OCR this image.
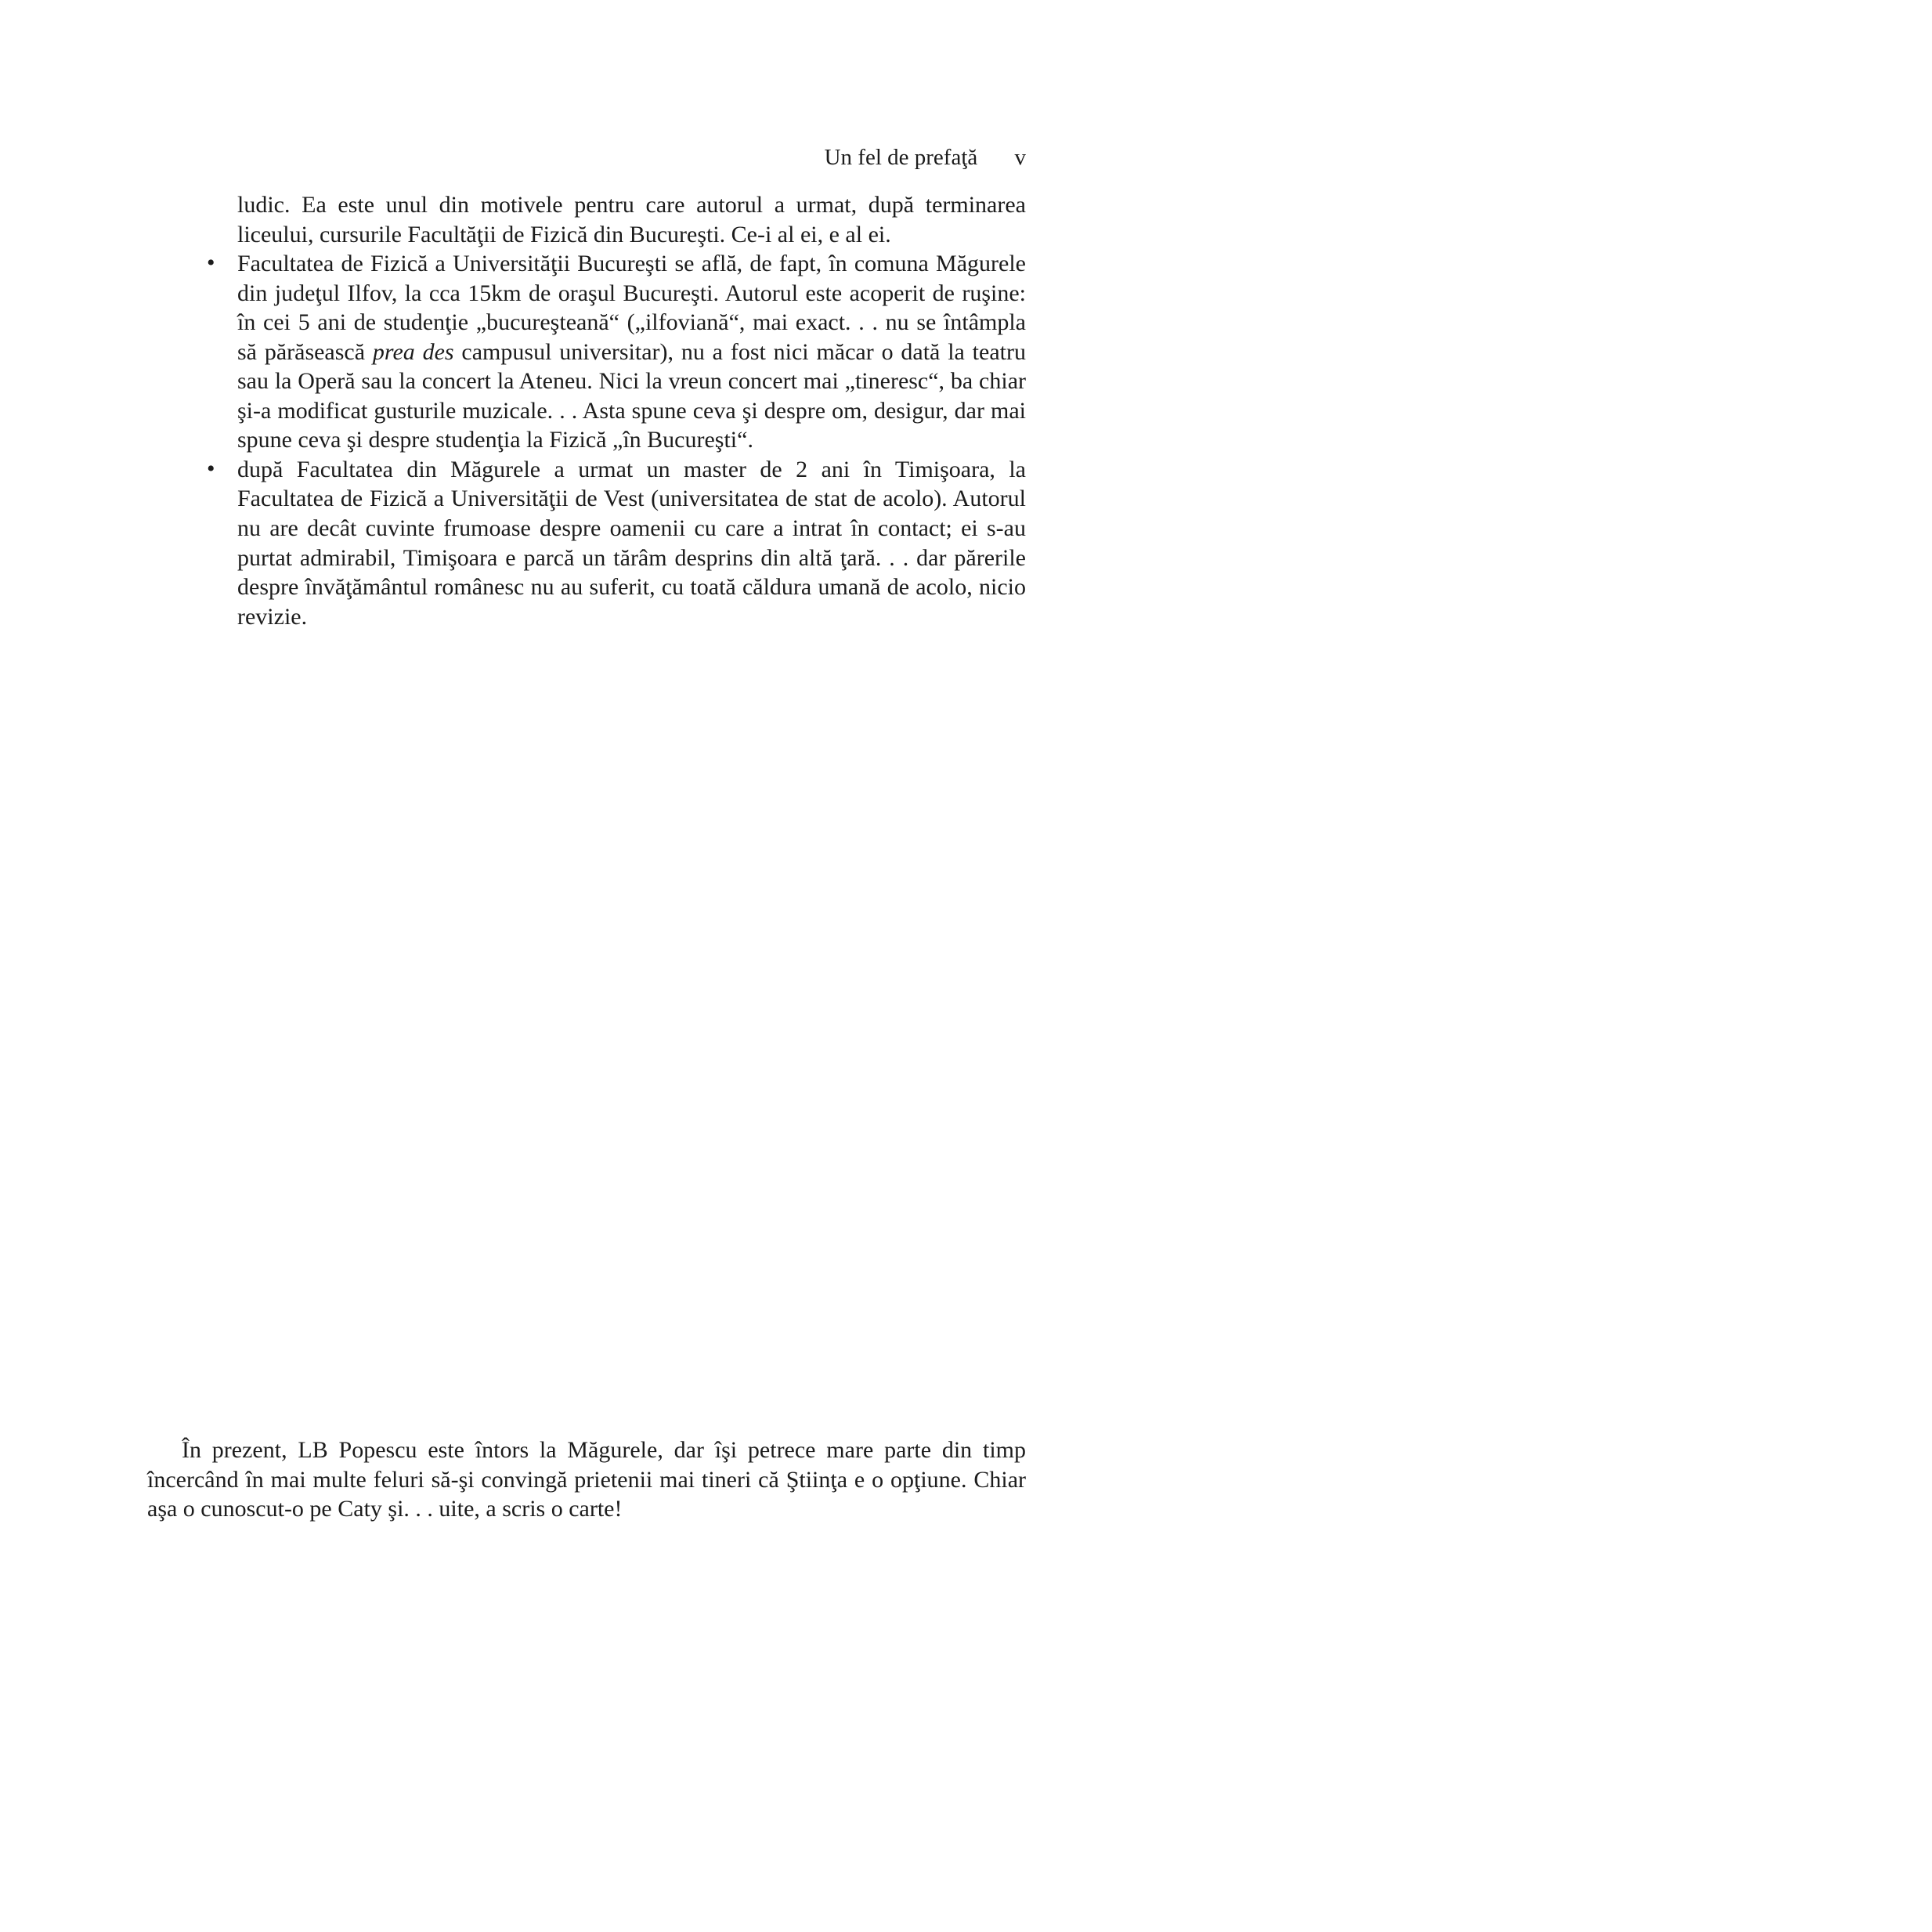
Un fel de prefaţă v

ludic. Ea este unul din motivele pentru care autorul a urmat, după terminarea liceului, cursurile Facultăţii de Fizică din Bucureşti. Ce-i al ei, e al ei.

• Facultatea de Fizică a Universităţii Bucureşti se află, de fapt, în comuna Măgurele din judeţul Ilfov, la cca 15km de oraşul Bucureşti. Autorul este acoperit de ruşine: în cei 5 ani de studenţie „bucureşteană“ („ilfoviană“, mai exact. . . nu se întâmpla să părăsească prea des campusul universitar), nu a fost nici măcar o dată la teatru sau la Operă sau la concert la Ateneu. Nici la vreun concert mai „tineresc“, ba chiar şi-a modificat gusturile muzicale. . . Asta spune ceva şi despre om, desigur, dar mai spune ceva şi despre studenţia la Fizică „în Bucureşti“.
• după Facultatea din Măgurele a urmat un master de 2 ani în Timişoara, la Facultatea de Fizică a Universităţii de Vest (universitatea de stat de acolo). Autorul nu are decât cuvinte frumoase despre oamenii cu care a intrat în contact; ei s-au purtat admirabil, Timişoara e parcă un tărâm desprins din altă ţară. . . dar părerile despre învăţământul românesc nu au suferit, cu toată căldura umană de acolo, nicio revizie.

În prezent, LB Popescu este întors la Măgurele, dar îşi petrece mare parte din timp încercând în mai multe feluri să-şi convingă prietenii mai tineri că Ştiinţa e o opţiune. Chiar aşa o cunoscut-o pe Caty şi. . . uite, a scris o carte!
